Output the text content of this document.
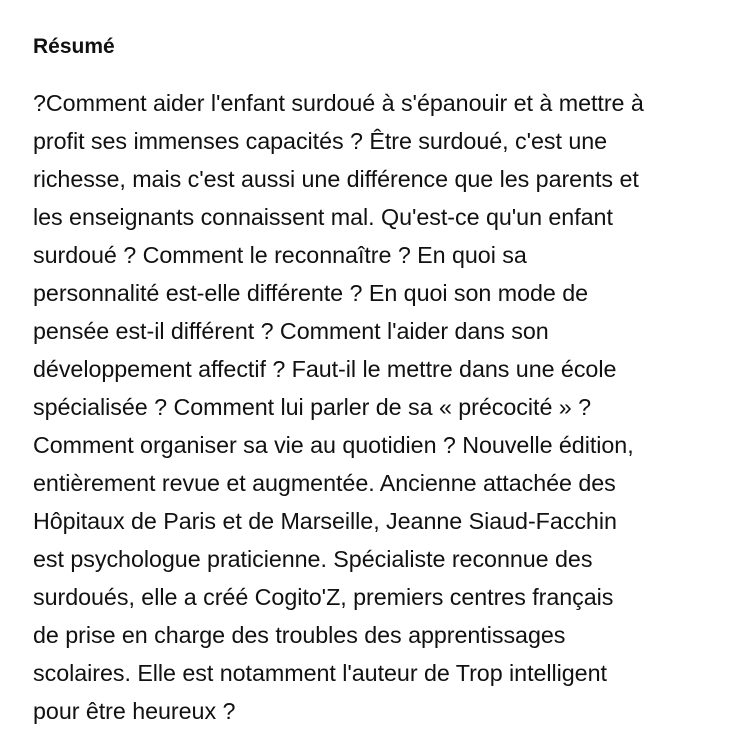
Résumé

?Comment aider l'enfant surdoué à s'épanouir et à mettre à
profit ses immenses capacités ? Être surdoué, c'est une
richesse, mais c'est aussi une différence que les parents et
les enseignants connaissent mal. Qu'est-ce qu'un enfant
surdoué ? Comment le reconnaître ? En quoi sa
personnalité est-elle différente ? En quoi son mode de
pensée est-il différent ? Comment l'aider dans son
développement affectif ? Faut-il le mettre dans une école
spécialisée ? Comment lui parler de sa « précocité » ?
Comment organiser sa vie au quotidien ? Nouvelle édition,
entièrement revue et augmentée. Ancienne attachée des
Hôpitaux de Paris et de Marseille, Jeanne Siaud-Facchin
est psychologue praticienne. Spécialiste reconnue des
surdoués, elle a créé Cogito'Z, premiers centres français
de prise en charge des troubles des apprentissages
scolaires. Elle est notamment l'auteur de Trop intelligent
pour être heureux ?
